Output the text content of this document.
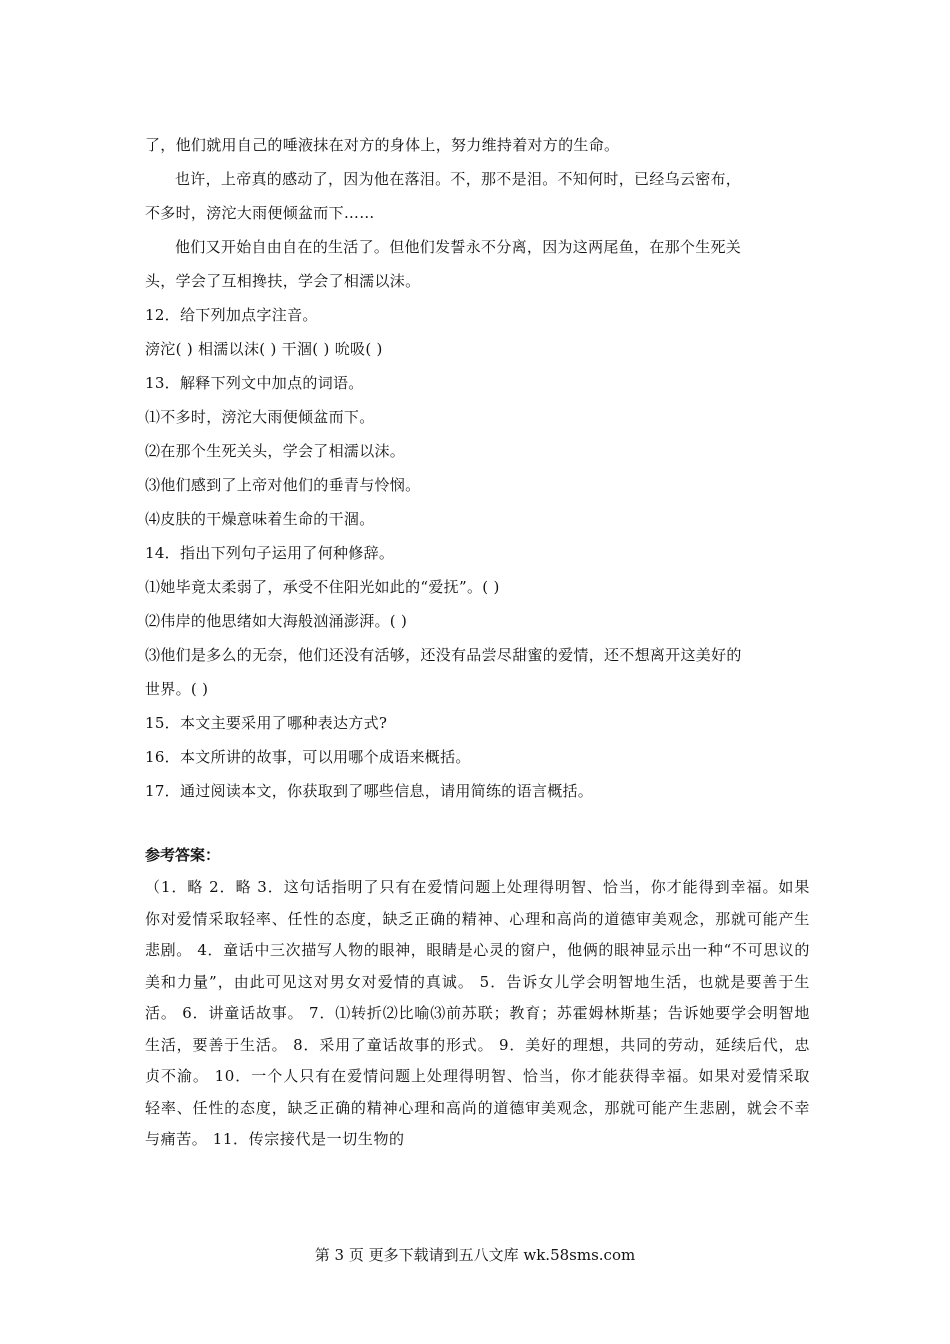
了，他们就用自己的唾液抹在对方的身体上，努力维持着对方的生命。
也许，上帝真的感动了，因为他在落泪。不，那不是泪。不知何时，已经乌云密布，
不多时，滂沱大雨便倾盆而下……
他们又开始自由自在的生活了。但他们发誓永不分离，因为这两尾鱼，在那个生死关
头，学会了互相搀扶，学会了相濡以沫。
12．给下列加点字注音。
滂沱( ) 相濡以沫( ) 干涸( ) 吮吸( )
13．解释下列文中加点的词语。
⑴不多时，滂沱大雨便倾盆而下。
⑵在那个生死关头，学会了相濡以沫。
⑶他们感到了上帝对他们的垂青与怜悯。
⑷皮肤的干燥意味着生命的干涸。
14．指出下列句子运用了何种修辞。
⑴她毕竟太柔弱了，承受不住阳光如此的“爱抚”。( )
⑵伟岸的他思绪如大海般汹涌澎湃。( )
⑶他们是多么的无奈，他们还没有活够，还没有品尝尽甜蜜的爱情，还不想离开这美好的
世界。( )
15．本文主要采用了哪种表达方式?
16．本文所讲的故事，可以用哪个成语来概括。
17．通过阅读本文，你获取到了哪些信息，请用简练的语言概括。
参考答案：
（1．略 2．略 3．这句话指明了只有在爱情问题上处理得明智、恰当，你才能得到幸福。如果你对爱情采取轻率、任性的态度，缺乏正确的精神、心理和高尚的道德审美观念，那就可能产生悲剧。 4．童话中三次描写人物的眼神，眼睛是心灵的窗户，他俩的眼神显示出一种“不可思议的美和力量”，由此可见这对男女对爱情的真诚。 5．告诉女儿学会明智地生活，也就是要善于生活。 6．讲童话故事。 7．⑴转折⑵比喻⑶前苏联；教育；苏霍姆林斯基；告诉她要学会明智地生活，要善于生活。 8．采用了童话故事的形式。 9．美好的理想，共同的劳动，延续后代，忠贞不渝。 10．一个人只有在爱情问题上处理得明智、恰当，你才能获得幸福。如果对爱情采取轻率、任性的态度，缺乏正确的精神心理和高尚的道德审美观念，那就可能产生悲剧，就会不幸与痛苦。 11．传宗接代是一切生物的
第 3 页 更多下载请到五八文库 wk.58sms.com
